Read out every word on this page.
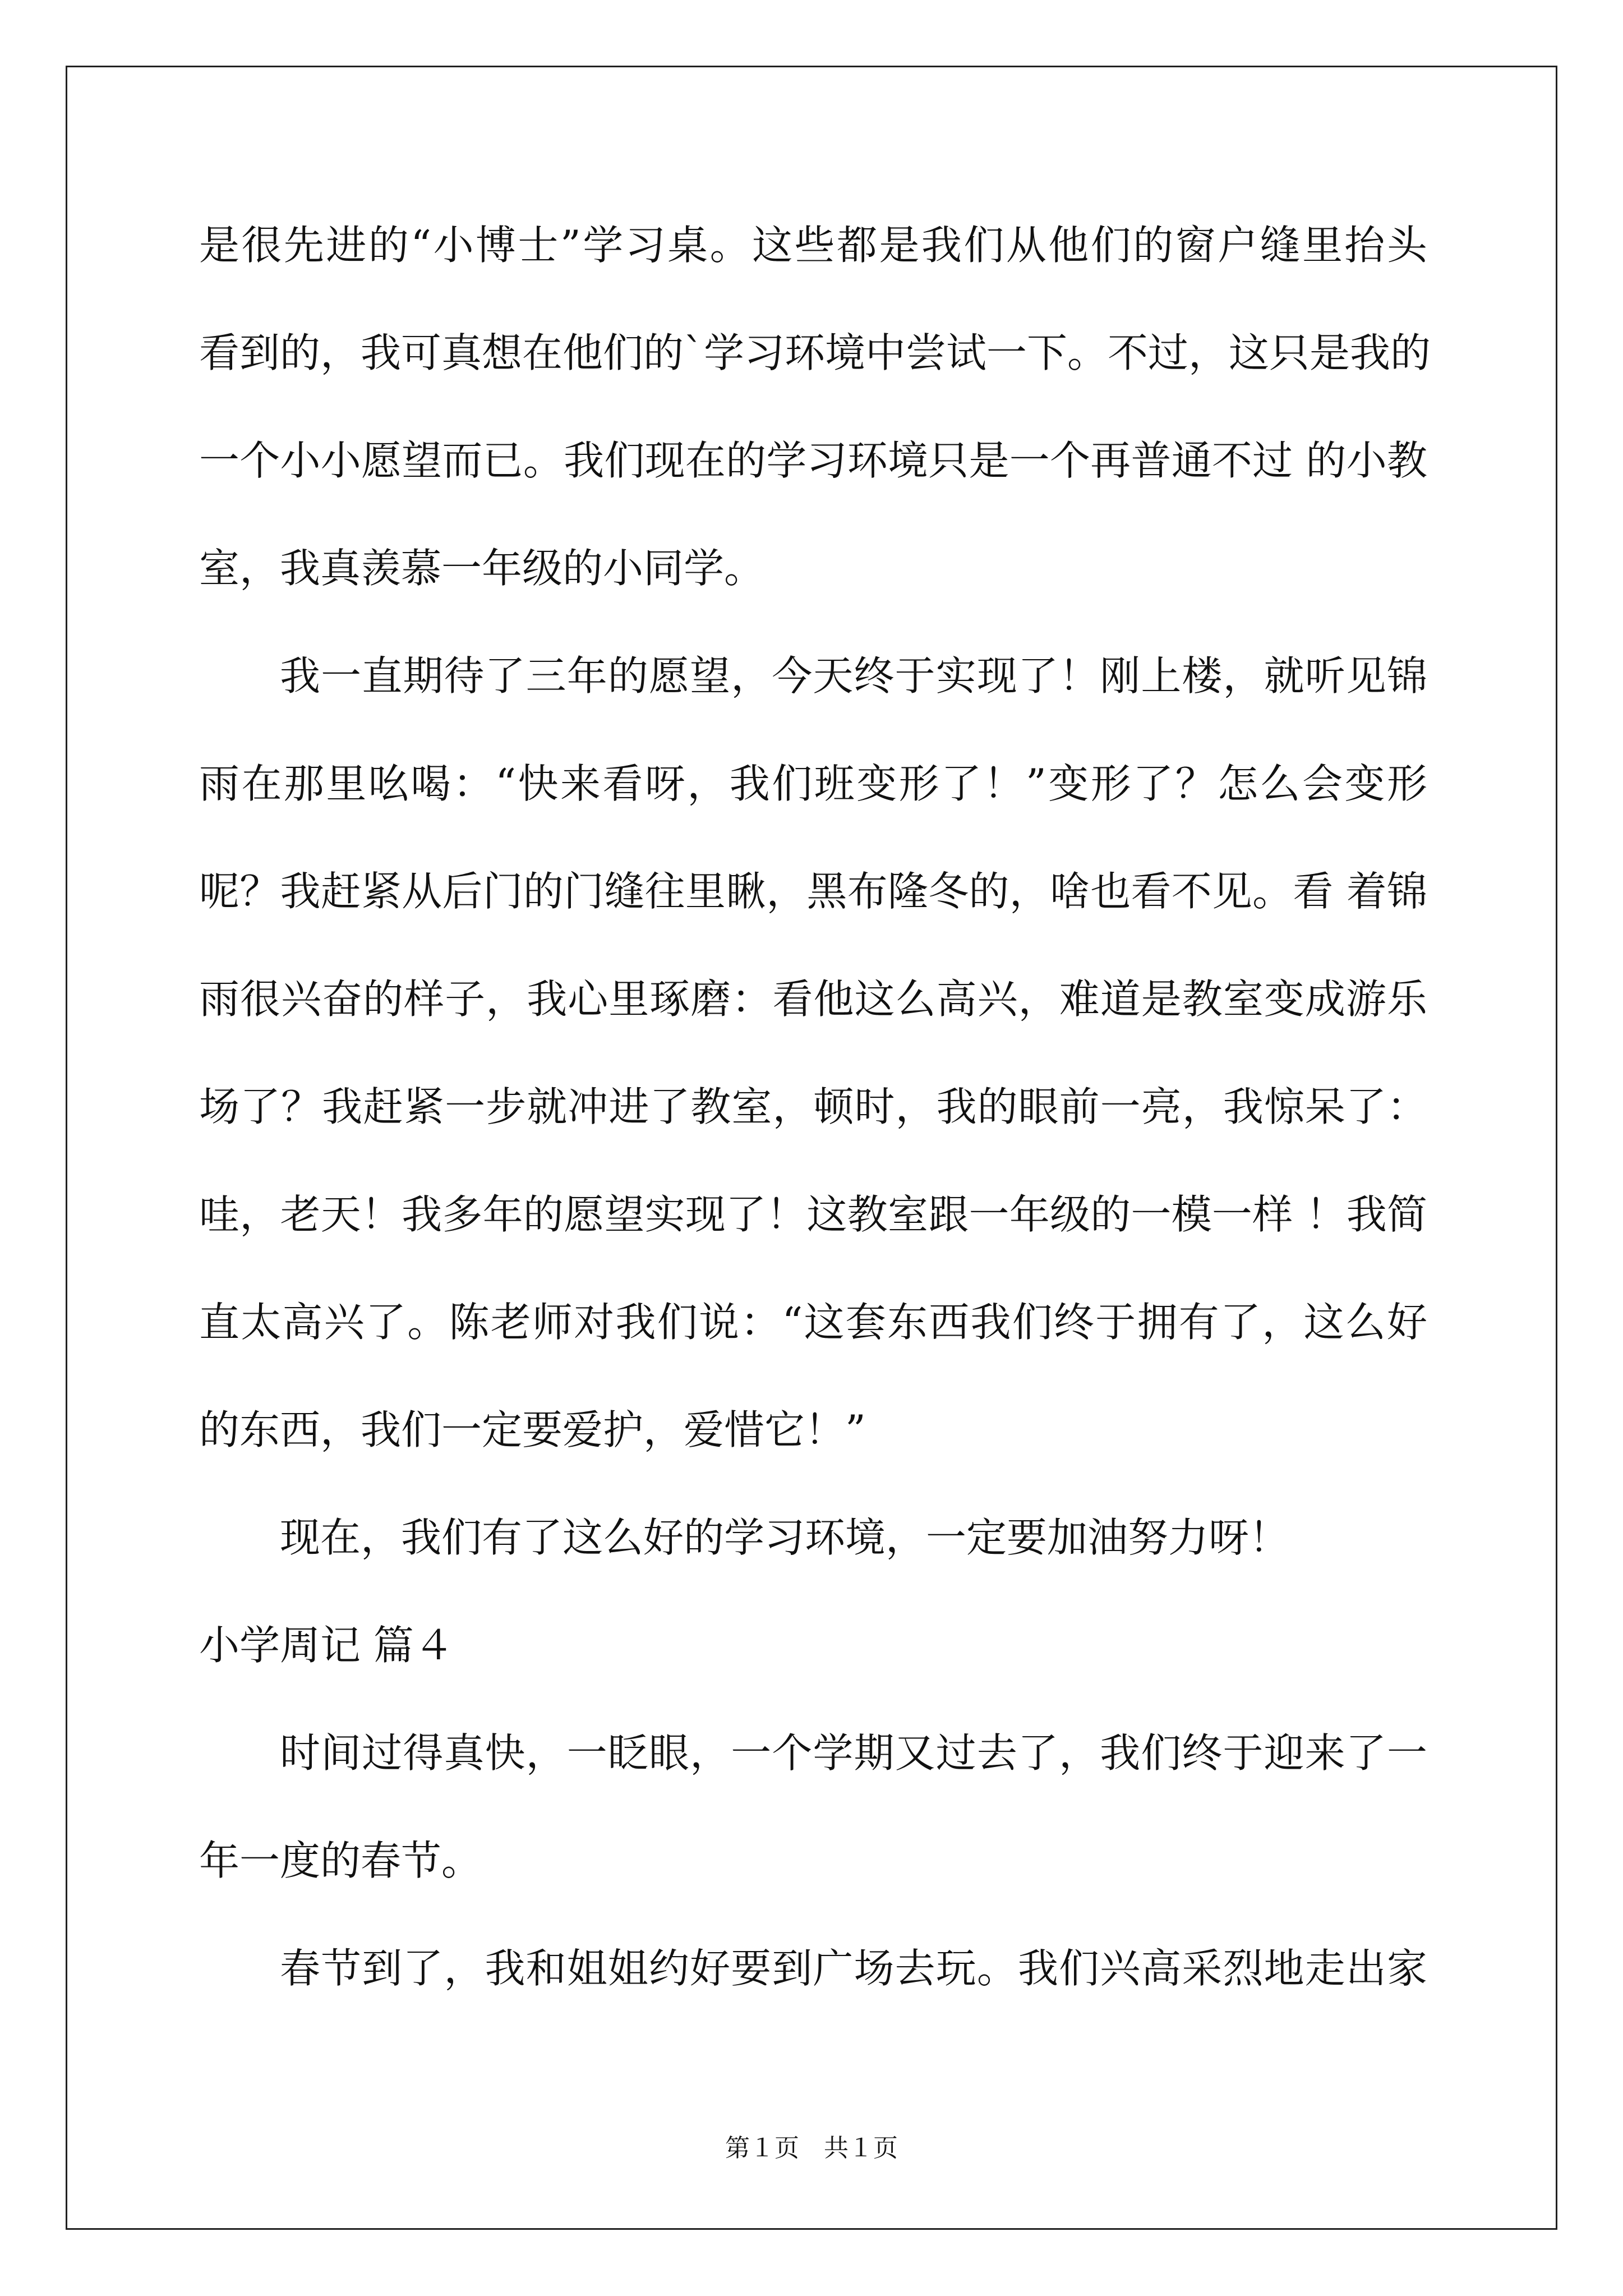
是很先进的“小博士”学习桌。这些都是我们从他们的窗户缝里抬头
看到的，我可真想在他们的`学习环境中尝试一下。不过，这只是我的
一个小小愿望而已。我们现在的学习环境只是一个再普通不过 的小教
室，我真羡慕一年级的小同学。
我一直期待了三年的愿望，今天终于实现了！刚上楼，就听见锦
雨在那里吆喝：“快来看呀，我们班变形了！”变形了？怎么会变形
呢？我赶紧从后门的门缝往里瞅，黑布隆冬的，啥也看不见。看 着锦
雨很兴奋的样子，我心里琢磨：看他这么高兴，难道是教室变成游乐
场了？我赶紧一步就冲进了教室，顿时，我的眼前一亮，我惊呆了：
哇，老天！我多年的愿望实现了！这教室跟一年级的一模一样 ！我简
直太高兴了。陈老师对我们说：“这套东西我们终于拥有了，这么好
的东西，我们一定要爱护，爱惜它！”
现在，我们有了这么好的学习环境，一定要加油努力呀！
小学周记 篇４
时间过得真快，一眨眼，一个学期又过去了，我们终于迎来了一
年一度的春节。
春节到了，我和姐姐约好要到广场去玩。我们兴高采烈地走出家
第１页　共１页
